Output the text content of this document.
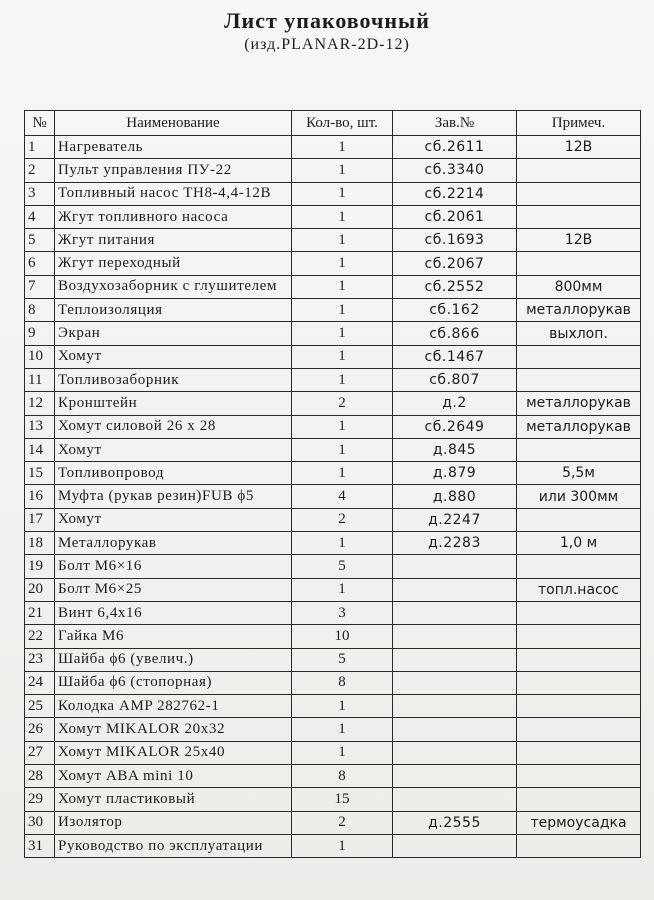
Лист упаковочный
(изд.PLANAR-2D-12)
№	Наименование	Кол-во, шт.	Зав.№	Примеч.
1	Нагреватель	1	сб.2611	12В
2	Пульт управления ПУ-22	1	сб.3340	
3	Топливный насос ТН8-4,4-12В	1	сб.2214	
4	Жгут топливного насоса	1	сб.2061	
5	Жгут питания	1	сб.1693	12В
6	Жгут переходный	1	сб.2067	
7	Воздухозаборник с глушителем	1	сб.2552	800мм
8	Теплоизоляция	1	сб.162	металлорукав
9	Экран	1	сб.866	выхлоп.
10	Хомут	1	сб.1467	
11	Топливозаборник	1	сб.807	
12	Кронштейн	2	д.2	металлорукав
13	Хомут силовой 26 х 28	1	сб.2649	металлорукав
14	Хомут	1	д.845	
15	Топливопровод	1	д.879	5,5м
16	Муфта (рукав резин)FUB ϕ5	4	д.880	или 300мм
17	Хомут	2	д.2247	
18	Металлорукав	1	д.2283	1,0 м
19	Болт М6×16	5		
20	Болт М6×25	1		топл.насос
21	Винт 6,4х16	3		
22	Гайка М6	10		
23	Шайба ϕ6 (увелич.)	5		
24	Шайба ϕ6 (стопорная)	8		
25	Колодка AMP 282762-1	1		
26	Хомут MIKALOR 20х32	1		
27	Хомут MIKALOR 25х40	1		
28	Хомут ABA mini 10	8		
29	Хомут пластиковый	15		
30	Изолятор	2	д.2555	термоусадка
31	Руководство по эксплуатации	1		
